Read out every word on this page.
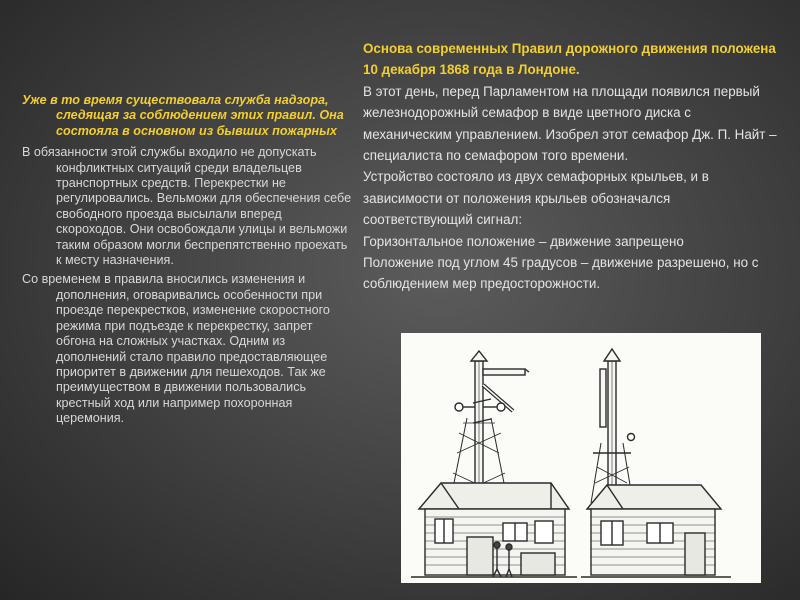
Уже в то время существовала служба надзора, следящая за соблюдением этих правил. Она состояла в основном из бывших пожарных

В обязанности этой службы входило не допускать конфликтных ситуаций среди владельцев транспортных средств. Перекрестки не регулировались. Вельможи для обеспечения себе свободного проезда высылали вперед скороходов. Они освобождали улицы и вельможи таким образом могли беспрепятственно проехать к месту назначения.

Со временем в правила вносились изменения и дополнения, оговаривались особенности при проезде перекрестков, изменение скоростного режима при подъезде к перекрестку, запрет обгона на сложных участках. Одним из дополнений стало правило предоставляющее приоритет в движении для пешеходов. Так же преимуществом в движении пользовались крестный ход или например похоронная церемония.

Основа современных Правил дорожного движения положена 10 декабря 1868 года в Лондоне.

В этот день, перед Парламентом на площади появился первый железнодорожный семафор в виде цветного диска с механическим управлением. Изобрел этот семафор Дж. П. Найт – специалиста по семафором того времени.

Устройство состояло из двух семафорных крыльев, и в зависимости от положения крыльев обозначался соответствующий сигнал:

Горизонтальное положение – движение запрещено

Положение под углом 45 градусов – движение разрешено, но с соблюдением мер предосторожности.
